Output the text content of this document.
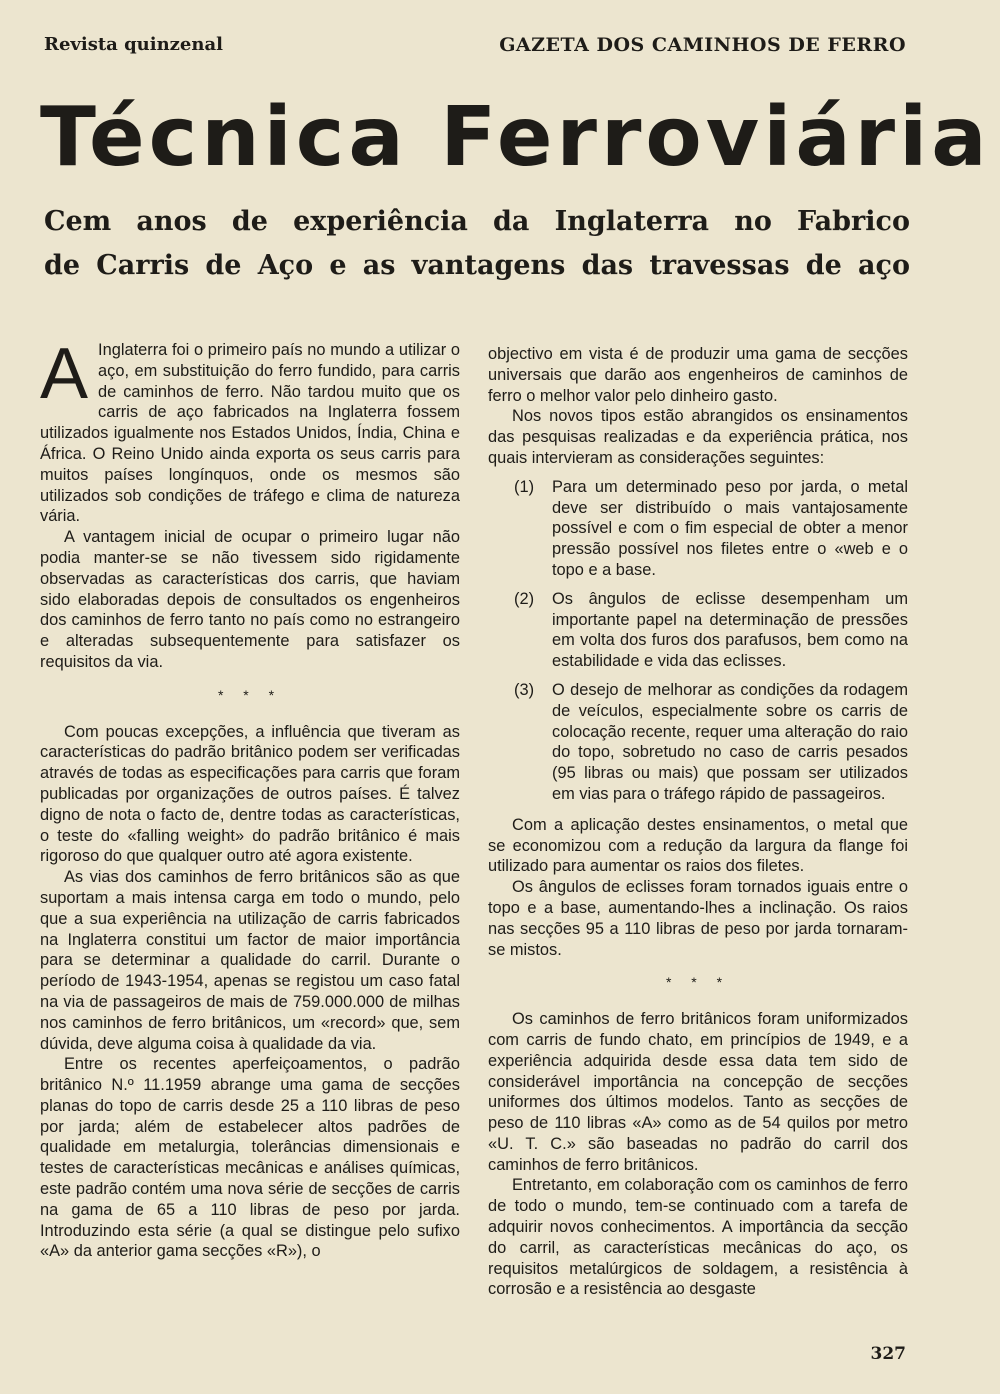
Revista quinzenal	GAZETA DOS CAMINHOS DE FERRO
Técnica Ferroviária
Cem anos de experiência da Inglaterra no Fabrico
de Carris de Aço e as vantagens das travessas de aço

A Inglaterra foi o primeiro país no mundo a utilizar o aço, em substituição do ferro fundido, para carris de caminhos de ferro. Não tardou muito que os carris de aço fabricados na Inglaterra fossem utilizados igualmente nos Estados Unidos, Índia, China e África. O Reino Unido ainda exporta os seus carris para muitos países longínquos, onde os mesmos são utilizados sob condições de tráfego e clima de natureza vária.

A vantagem inicial de ocupar o primeiro lugar não podia manter-se se não tivessem sido rigidamente observadas as características dos carris, que haviam sido elaboradas depois de consultados os engenheiros dos caminhos de ferro tanto no país como no estrangeiro e alteradas subsequentemente para satisfazer os requisitos da via.

* * *

Com poucas excepções, a influência que tiveram as características do padrão britânico podem ser verificadas através de todas as especificações para carris que foram publicadas por organizações de outros países. É talvez digno de nota o facto de, dentre todas as características, o teste do «falling weight» do padrão britânico é mais rigoroso do que qualquer outro até agora existente.

As vias dos caminhos de ferro britânicos são as que suportam a mais intensa carga em todo o mundo, pelo que a sua experiência na utilização de carris fabricados na Inglaterra constitui um factor de maior importância para se determinar a qualidade do carril. Durante o período de 1943-1954, apenas se registou um caso fatal na via de passageiros de mais de 759.000.000 de milhas nos caminhos de ferro britânicos, um «record» que, sem dúvida, deve alguma coisa à qualidade da via.

Entre os recentes aperfeiçoamentos, o padrão britânico N.º 11.1959 abrange uma gama de secções planas do topo de carris desde 25 a 110 libras de peso por jarda; além de estabelecer altos padrões de qualidade em metalurgia, tolerâncias dimensionais e testes de características mecânicas e análises químicas, este padrão contém uma nova série de secções de carris na gama de 65 a 110 libras de peso por jarda. Introduzindo esta série (a qual se distingue pelo sufixo «A» da anterior gama secções «R»), o

objectivo em vista é de produzir uma gama de secções universais que darão aos engenheiros de caminhos de ferro o melhor valor pelo dinheiro gasto.

Nos novos tipos estão abrangidos os ensinamentos das pesquisas realizadas e da experiência prática, nos quais intervieram as considerações seguintes:

(1)	Para um determinado peso por jarda, o metal deve ser distribuído o mais vantajosamente possível e com o fim especial de obter a menor pressão possível nos filetes entre o «web e o topo e a base.
(2)	Os ângulos de eclisse desempenham um importante papel na determinação de pressões em volta dos furos dos parafusos, bem como na estabilidade e vida das eclisses.
(3)	O desejo de melhorar as condições da rodagem de veículos, especialmente sobre os carris de colocação recente, requer uma alteração do raio do topo, sobretudo no caso de carris pesados (95 libras ou mais) que possam ser utilizados em vias para o tráfego rápido de passageiros.

Com a aplicação destes ensinamentos, o metal que se economizou com a redução da largura da flange foi utilizado para aumentar os raios dos filetes.

Os ângulos de eclisses foram tornados iguais entre o topo e a base, aumentando-lhes a inclinação. Os raios nas secções 95 a 110 libras de peso por jarda tornaram-se mistos.

* * *

Os caminhos de ferro britânicos foram uniformizados com carris de fundo chato, em princípios de 1949, e a experiência adquirida desde essa data tem sido de considerável importância na concepção de secções uniformes dos últimos modelos. Tanto as secções de peso de 110 libras «A» como as de 54 quilos por metro «U. T. C.» são baseadas no padrão do carril dos caminhos de ferro britânicos.

Entretanto, em colaboração com os caminhos de ferro de todo o mundo, tem-se continuado com a tarefa de adquirir novos conhecimentos. A importância da secção do carril, as características mecânicas do aço, os requisitos metalúrgicos de soldagem, a resistência à corrosão e a resistência ao desgaste

327
